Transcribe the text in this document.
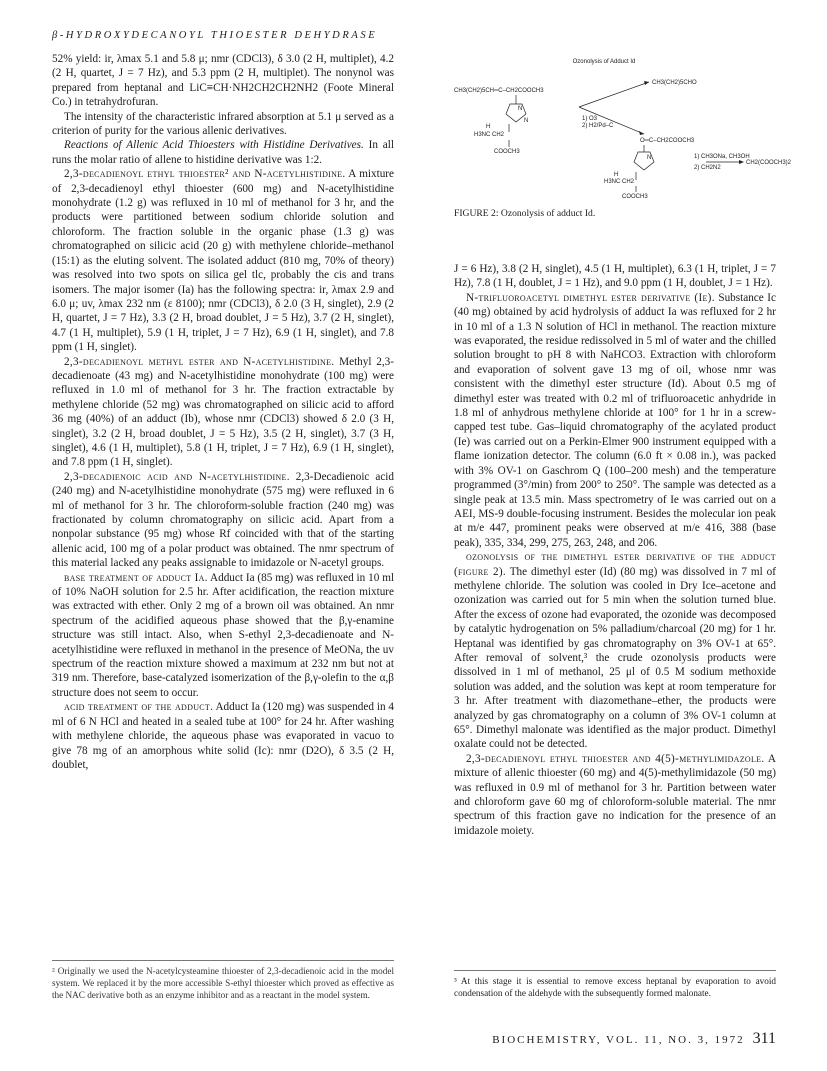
β-HYDROXYDECANOYL THIOESTER DEHYDRASE

52% yield: ir, λmax 5.1 and 5.8 μ; nmr (CDCl3), δ 3.0 (2 H, multiplet), 4.2 (2 H, quartet, J = 7 Hz), and 5.3 ppm (2 H, multiplet). The nonynol was prepared from heptanal and LiC≡CH·NH2CH2CH2NH2 (Foote Mineral Co.) in tetrahydrofuran.

The intensity of the characteristic infrared absorption at 5.1 μ served as a criterion of purity for the various allenic derivatives.

Reactions of Allenic Acid Thioesters with Histidine Derivatives. In all runs the molar ratio of allene to histidine derivative was 1:2.

2,3-decadienoyl ethyl thioester² and N-acetylhistidine. A mixture of 2,3-decadienoyl ethyl thioester (600 mg) and N-acetylhistidine monohydrate (1.2 g) was refluxed in 10 ml of methanol for 3 hr, and the products were partitioned between sodium chloride solution and chloroform. The fraction soluble in the organic phase (1.3 g) was chromatographed on silicic acid (20 g) with methylene chloride–methanol (15:1) as the eluting solvent. The isolated adduct (810 mg, 70% of theory) was resolved into two spots on silica gel tlc, probably the cis and trans isomers. The major isomer (Ia) has the following spectra: ir, λmax 2.9 and 6.0 μ; uv, λmax 232 nm (ε 8100); nmr (CDCl3), δ 2.0 (3 H, singlet), 2.9 (2 H, quartet, J = 7 Hz), 3.3 (2 H, broad doublet, J = 5 Hz), 3.7 (2 H, singlet), 4.7 (1 H, multiplet), 5.9 (1 H, triplet, J = 7 Hz), 6.9 (1 H, singlet), and 7.8 ppm (1 H, singlet).

2,3-decadienoyl methyl ester and N-acetylhistidine. Methyl 2,3-decadienoate (43 mg) and N-acetylhistidine monohydrate (100 mg) were refluxed in 1.0 ml of methanol for 3 hr. The fraction extractable by methylene chloride (52 mg) was chromatographed on silicic acid to afford 36 mg (40%) of an adduct (Ib), whose nmr (CDCl3) showed δ 2.0 (3 H, singlet), 3.2 (2 H, broad doublet, J = 5 Hz), 3.5 (2 H, singlet), 3.7 (3 H, singlet), 4.6 (1 H, multiplet), 5.8 (1 H, triplet, J = 7 Hz), 6.9 (1 H, singlet), and 7.8 ppm (1 H, singlet).

2,3-decadienoic acid and N-acetylhistidine. 2,3-Decadienoic acid (240 mg) and N-acetylhistidine monohydrate (575 mg) were refluxed in 6 ml of methanol for 3 hr. The chloroform-soluble fraction (240 mg) was fractionated by column chromatography on silicic acid. Apart from a nonpolar substance (95 mg) whose Rf coincided with that of the starting allenic acid, 100 mg of a polar product was obtained. The nmr spectrum of this material lacked any peaks assignable to imidazole or N-acetyl groups.

base treatment of adduct Ia. Adduct Ia (85 mg) was refluxed in 10 ml of 10% NaOH solution for 2.5 hr. After acidification, the reaction mixture was extracted with ether. Only 2 mg of a brown oil was obtained. An nmr spectrum of the acidified aqueous phase showed that the β,γ-enamine structure was still intact. Also, when S-ethyl 2,3-decadienoate and N-acetylhistidine were refluxed in methanol in the presence of MeONa, the uv spectrum of the reaction mixture showed a maximum at 232 nm but not at 319 nm. Therefore, base-catalyzed isomerization of the β,γ-olefin to the α,β structure does not seem to occur.

acid treatment of the adduct. Adduct Ia (120 mg) was suspended in 4 ml of 6 N HCl and heated in a sealed tube at 100° for 24 hr. After washing with methylene chloride, the aqueous phase was evaporated in vacuo to give 78 mg of an amorphous white solid (Ic): nmr (D2O), δ 3.5 (2 H, doublet,

² Originally we used the N-acetylcysteamine thioester of 2,3-decadienoic acid in the model system. We replaced it by the more accessible S-ethyl thioester which proved as effective as the NAC derivative both as an enzyme inhibitor and as a reactant in the model system.
Ozonolysis of Adduct Id
CH3(CH2)5CH═C–CH2COOCH3
N
N
H
H3NC CH2
COOCH3
CH3(CH2)5CHO
1) O3
2) H2/Pd–C
O═C–CH2COOCH3
N
H
H3NC CH2
COOCH3
1) CH3ONa, CH3OH
2) CH2N2
CH2(COOCH3)2
FIGURE 2: Ozonolysis of adduct Id.

J = 6 Hz), 3.8 (2 H, singlet), 4.5 (1 H, multiplet), 6.3 (1 H, triplet, J = 7 Hz), 7.8 (1 H, doublet, J = 1 Hz), and 9.0 ppm (1 H, doublet, J = 1 Hz).

N-trifluoroacetyl dimethyl ester derivative (Ie). Substance Ic (40 mg) obtained by acid hydrolysis of adduct Ia was refluxed for 2 hr in 10 ml of a 1.3 N solution of HCl in methanol. The reaction mixture was evaporated, the residue redissolved in 5 ml of water and the chilled solution brought to pH 8 with NaHCO3. Extraction with chloroform and evaporation of solvent gave 13 mg of oil, whose nmr was consistent with the dimethyl ester structure (Id). About 0.5 mg of dimethyl ester was treated with 0.2 ml of trifluoroacetic anhydride in 1.8 ml of anhydrous methylene chloride at 100° for 1 hr in a screw-capped test tube. Gas–liquid chromatography of the acylated product (Ie) was carried out on a Perkin-Elmer 900 instrument equipped with a flame ionization detector. The column (6.0 ft × 0.08 in.), was packed with 3% OV-1 on Gaschrom Q (100–200 mesh) and the temperature programmed (3°/min) from 200° to 250°. The sample was detected as a single peak at 13.5 min. Mass spectrometry of Ie was carried out on a AEI, MS-9 double-focusing instrument. Besides the molecular ion peak at m/e 447, prominent peaks were observed at m/e 416, 388 (base peak), 335, 334, 299, 275, 263, 248, and 206.

ozonolysis of the dimethyl ester derivative of the adduct (figure 2). The dimethyl ester (Id) (80 mg) was dissolved in 7 ml of methylene chloride. The solution was cooled in Dry Ice–acetone and ozonization was carried out for 5 min when the solution turned blue. After the excess of ozone had evaporated, the ozonide was decomposed by catalytic hydrogenation on 5% palladium/charcoal (20 mg) for 1 hr. Heptanal was identified by gas chromatography on 3% OV-1 at 65°. After removal of solvent,³ the crude ozonolysis products were dissolved in 1 ml of methanol, 25 μl of 0.5 M sodium methoxide solution was added, and the solution was kept at room temperature for 3 hr. After treatment with diazomethane–ether, the products were analyzed by gas chromatography on a column of 3% OV-1 column at 65°. Dimethyl malonate was identified as the major product. Dimethyl oxalate could not be detected.

2,3-decadienoyl ethyl thioester and 4(5)-methylimidazole. A mixture of allenic thioester (60 mg) and 4(5)-methylimidazole (50 mg) was refluxed in 0.9 ml of methanol for 3 hr. Partition between water and chloroform gave 60 mg of chloroform-soluble material. The nmr spectrum of this fraction gave no indication for the presence of an imidazole moiety.

³ At this stage it is essential to remove excess heptanal by evaporation to avoid condensation of the aldehyde with the subsequently formed malonate.
BIOCHEMISTRY, VOL. 11, NO. 3, 1972 311
